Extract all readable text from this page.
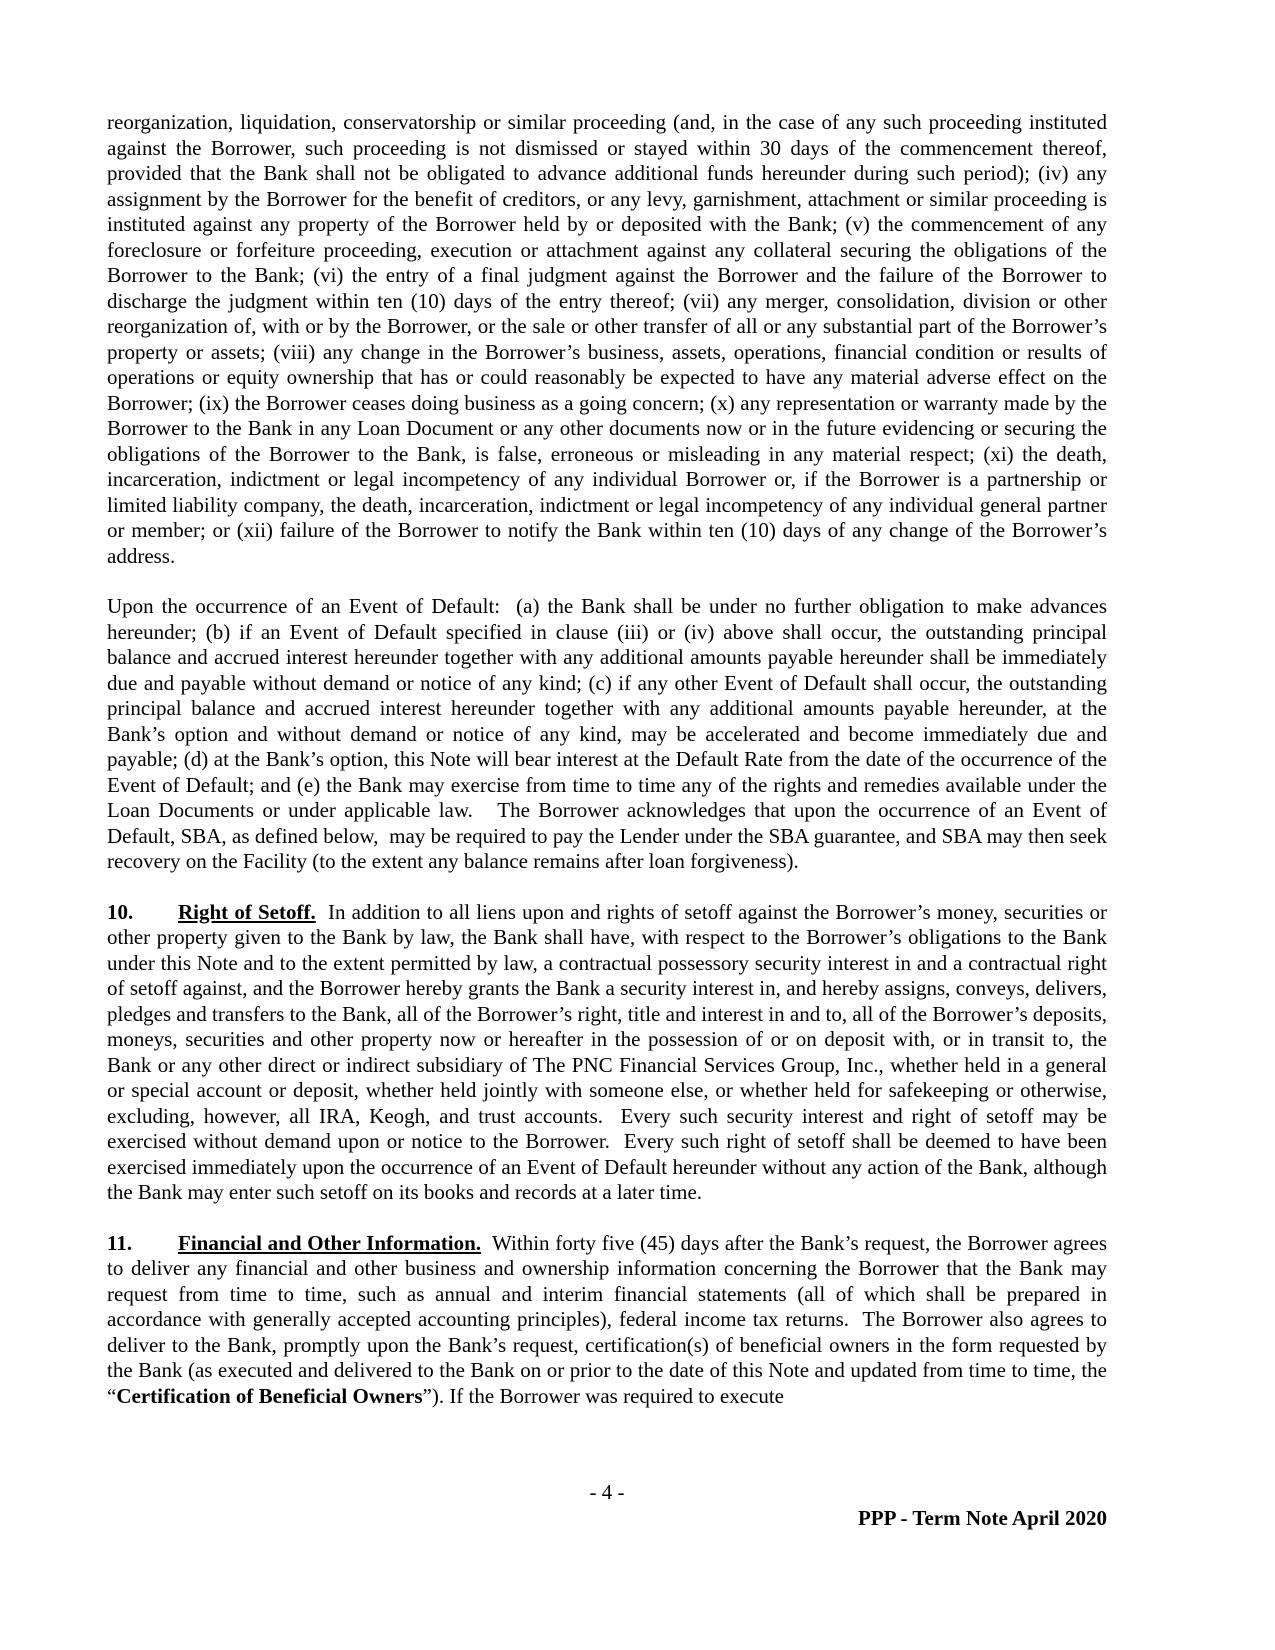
reorganization, liquidation, conservatorship or similar proceeding (and, in the case of any such proceeding instituted against the Borrower, such proceeding is not dismissed or stayed within 30 days of the commencement thereof, provided that the Bank shall not be obligated to advance additional funds hereunder during such period); (iv) any assignment by the Borrower for the benefit of creditors, or any levy, garnishment, attachment or similar proceeding is instituted against any property of the Borrower held by or deposited with the Bank; (v) the commencement of any foreclosure or forfeiture proceeding, execution or attachment against any collateral securing the obligations of the Borrower to the Bank; (vi) the entry of a final judgment against the Borrower and the failure of the Borrower to discharge the judgment within ten (10) days of the entry thereof; (vii) any merger, consolidation, division or other reorganization of, with or by the Borrower, or the sale or other transfer of all or any substantial part of the Borrower’s property or assets; (viii) any change in the Borrower’s business, assets, operations, financial condition or results of operations or equity ownership that has or could reasonably be expected to have any material adverse effect on the Borrower; (ix) the Borrower ceases doing business as a going concern; (x) any representation or warranty made by the Borrower to the Bank in any Loan Document or any other documents now or in the future evidencing or securing the obligations of the Borrower to the Bank, is false, erroneous or misleading in any material respect; (xi) the death, incarceration, indictment or legal incompetency of any individual Borrower or, if the Borrower is a partnership or limited liability company, the death, incarceration, indictment or legal incompetency of any individual general partner or member; or (xii) failure of the Borrower to notify the Bank within ten (10) days of any change of the Borrower’s address.

Upon the occurrence of an Event of Default:  (a) the Bank shall be under no further obligation to make advances hereunder; (b) if an Event of Default specified in clause (iii) or (iv) above shall occur, the outstanding principal balance and accrued interest hereunder together with any additional amounts payable hereunder shall be immediately due and payable without demand or notice of any kind; (c) if any other Event of Default shall occur, the outstanding principal balance and accrued interest hereunder together with any additional amounts payable hereunder, at the Bank’s option and without demand or notice of any kind, may be accelerated and become immediately due and payable; (d) at the Bank’s option, this Note will bear interest at the Default Rate from the date of the occurrence of the Event of Default; and (e) the Bank may exercise from time to time any of the rights and remedies available under the Loan Documents or under applicable law.   The Borrower acknowledges that upon the occurrence of an Event of Default, SBA, as defined below,  may be required to pay the Lender under the SBA guarantee, and SBA may then seek recovery on the Facility (to the extent any balance remains after loan forgiveness).

10. Right of Setoff.  In addition to all liens upon and rights of setoff against the Borrower’s money, securities or other property given to the Bank by law, the Bank shall have, with respect to the Borrower’s obligations to the Bank under this Note and to the extent permitted by law, a contractual possessory security interest in and a contractual right of setoff against, and the Borrower hereby grants the Bank a security interest in, and hereby assigns, conveys, delivers, pledges and transfers to the Bank, all of the Borrower’s right, title and interest in and to, all of the Borrower’s deposits, moneys, securities and other property now or hereafter in the possession of or on deposit with, or in transit to, the Bank or any other direct or indirect subsidiary of The PNC Financial Services Group, Inc., whether held in a general or special account or deposit, whether held jointly with someone else, or whether held for safekeeping or otherwise, excluding, however, all IRA, Keogh, and trust accounts.  Every such security interest and right of setoff may be exercised without demand upon or notice to the Borrower.  Every such right of setoff shall be deemed to have been exercised immediately upon the occurrence of an Event of Default hereunder without any action of the Bank, although the Bank may enter such setoff on its books and records at a later time.

11. Financial and Other Information.  Within forty five (45) days after the Bank’s request, the Borrower agrees to deliver any financial and other business and ownership information concerning the Borrower that the Bank may request from time to time, such as annual and interim financial statements (all of which shall be prepared in accordance with generally accepted accounting principles), federal income tax returns.  The Borrower also agrees to deliver to the Bank, promptly upon the Bank’s request, certification(s) of beneficial owners in the form requested by the Bank (as executed and delivered to the Bank on or prior to the date of this Note and updated from time to time, the “Certification of Beneficial Owners”). If the Borrower was required to execute

- 4 -
PPP - Term Note April 2020
